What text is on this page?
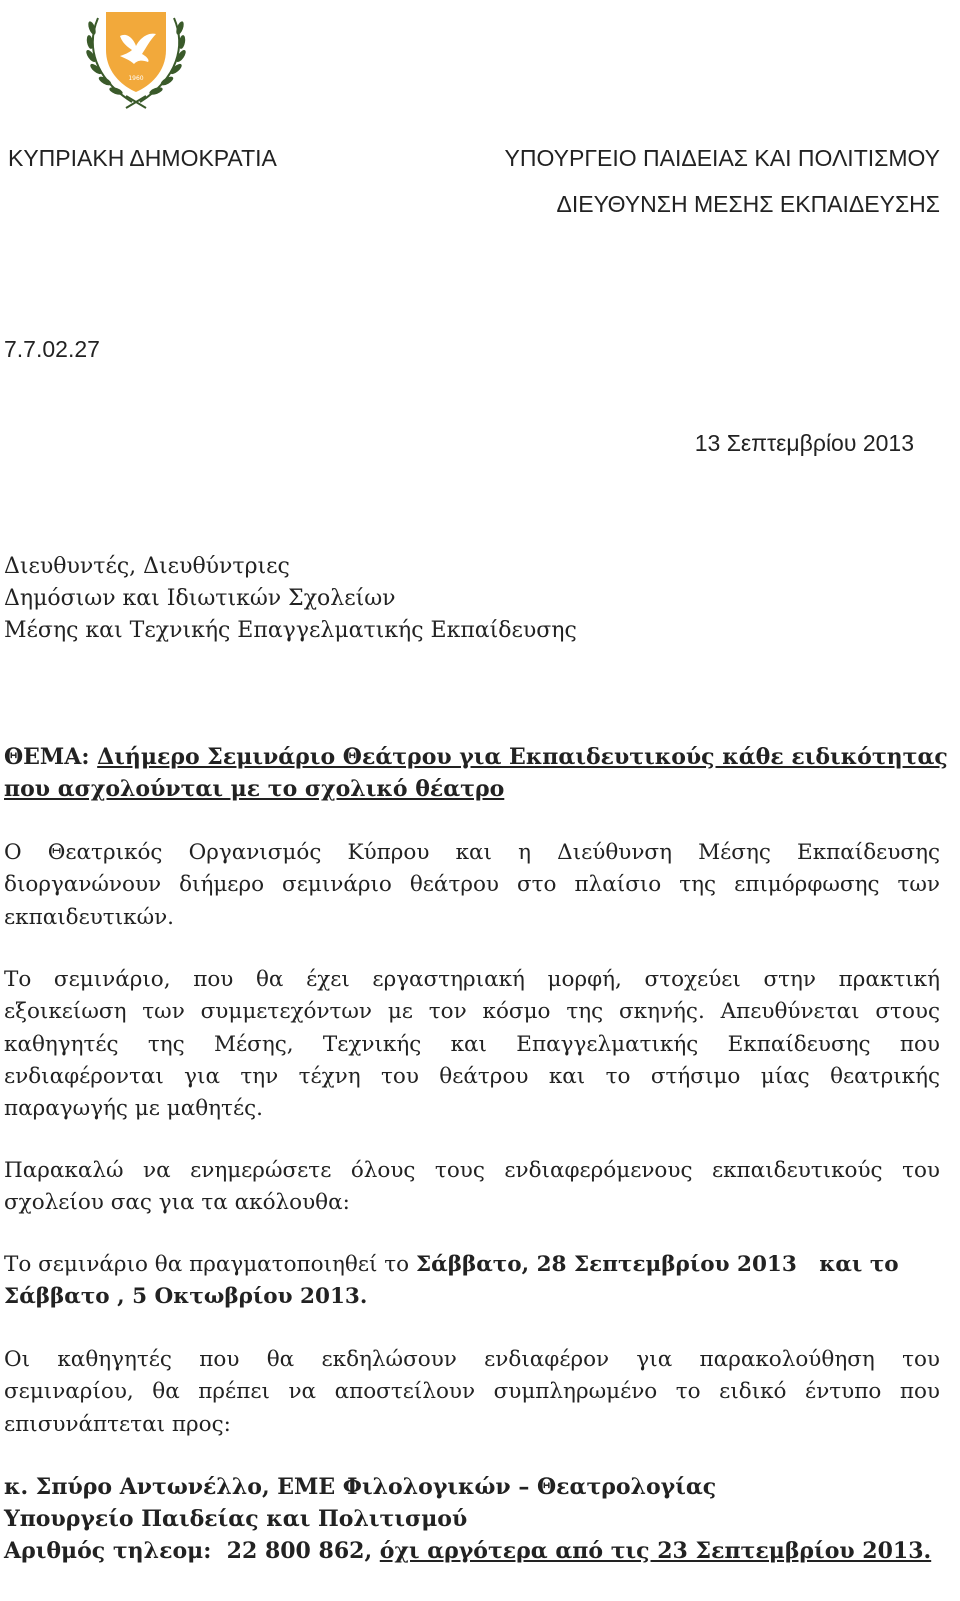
1960
ΚΥΠΡΙΑΚΗ ΔΗΜΟΚΡΑΤΙΑ	ΥΠΟΥΡΓΕΙΟ ΠΑΙΔΕΙΑΣ ΚΑΙ ΠΟΛΙΤΙΣΜΟΥ
ΔΙΕΥΘΥΝΣΗ ΜΕΣΗΣ ΕΚΠΑΙΔΕΥΣΗΣ
7.7.02.27
13 Σεπτεμβρίου 2013
Διευθυντές, Διευθύντριες
Δημόσιων και Ιδιωτικών Σχολείων
Μέσης και Τεχνικής Επαγγελματικής Εκπαίδευσης
ΘΕΜΑ: Διήμερο Σεμινάριο Θεάτρου για Εκπαιδευτικούς κάθε ειδικότητας
που ασχολούνται με το σχολικό θέατρο
Ο Θεατρικός Οργανισμός Κύπρου και η Διεύθυνση Μέσης Εκπαίδευσης
διοργανώνουν διήμερο σεμινάριο θεάτρου στο πλαίσιο της επιμόρφωσης των
εκπαιδευτικών.
Το σεμινάριο, που θα έχει εργαστηριακή μορφή, στοχεύει στην πρακτική
εξοικείωση των συμμετεχόντων με τον κόσμο της σκηνής. Απευθύνεται στους
καθηγητές της Μέσης, Τεχνικής και Επαγγελματικής Εκπαίδευσης που
ενδιαφέρονται για την τέχνη του θεάτρου και το στήσιμο μίας θεατρικής
παραγωγής με μαθητές.
Παρακαλώ να ενημερώσετε όλους τους ενδιαφερόμενους εκπαιδευτικούς του
σχολείου σας για τα ακόλουθα:
Το σεμινάριο θα πραγματοποιηθεί το Σάββατο, 28 Σεπτεμβρίου 2013   και το
Σάββατο , 5 Οκτωβρίου 2013.
Οι καθηγητές που θα εκδηλώσουν ενδιαφέρον για παρακολούθηση του
σεμιναρίου, θα πρέπει να αποστείλουν συμπληρωμένο το ειδικό έντυπο που
επισυνάπτεται προς:
κ. Σπύρο Αντωνέλλο, ΕΜΕ Φιλολογικών – Θεατρολογίας
Υπουργείο Παιδείας και Πολιτισμού
Αριθμός τηλεομ:  22 800 862, όχι αργότερα από τις 23 Σεπτεμβρίου 2013.
